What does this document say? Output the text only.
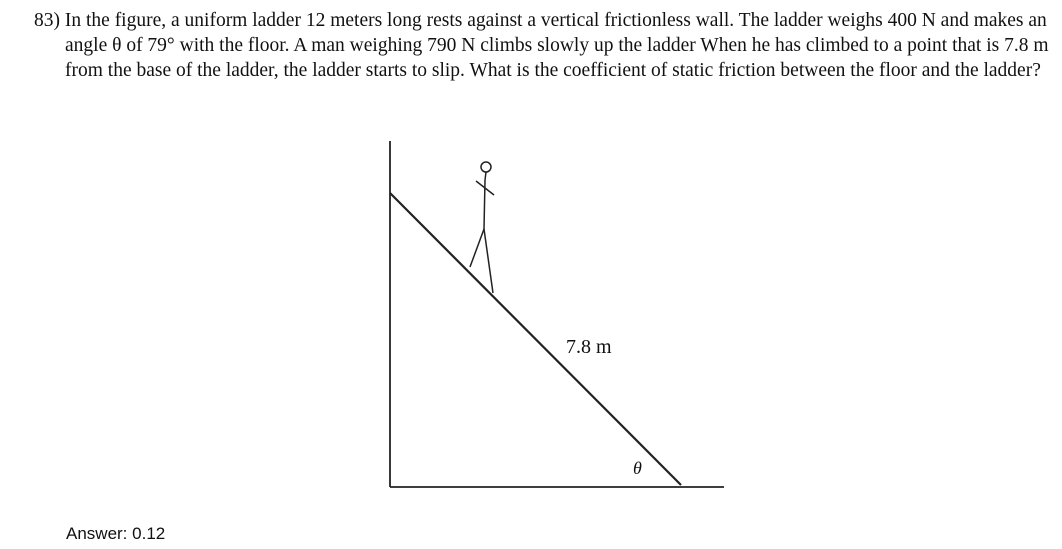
83) In the figure, a uniform ladder 12 meters long rests against a vertical frictionless wall. The ladder weighs 400 N and makes an angle θ of 79° with the floor. A man weighing 790 N climbs slowly up the ladder When he has climbed to a point that is 7.8 m from the base of the ladder, the ladder starts to slip. What is the coefficient of static friction between the floor and the ladder?

7.8 m
θ
Answer: 0.12
